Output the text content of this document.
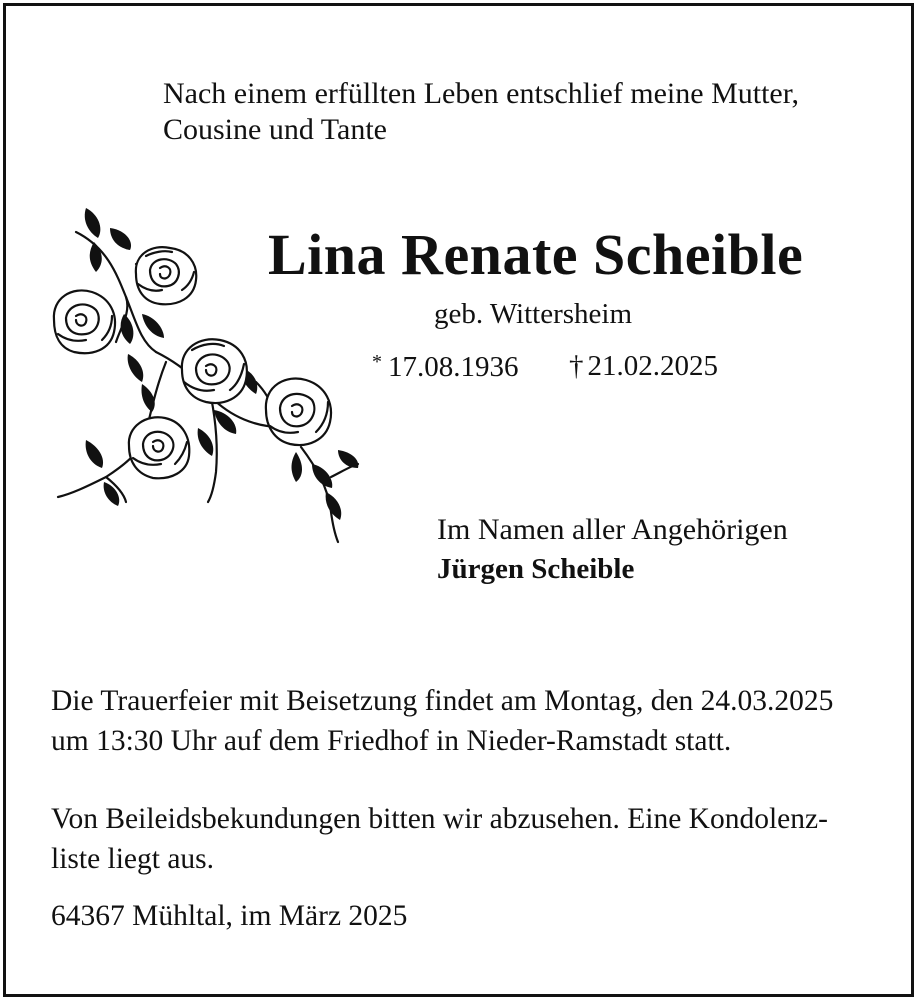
Nach einem erfüllten Leben entschlief meine Mutter,
Cousine und Tante
Lina Renate Scheible
geb. Wittersheim
* 17.08.1936 † 21.02.2025
Im Namen aller Angehörigen
Jürgen Scheible
Die Trauerfeier mit Beisetzung findet am Montag, den 24.03.2025
um 13:30 Uhr auf dem Friedhof in Nieder-Ramstadt statt.
Von Beileidsbekundungen bitten wir abzusehen. Eine Kondolenz-
liste liegt aus.
64367 Mühltal, im März 2025
